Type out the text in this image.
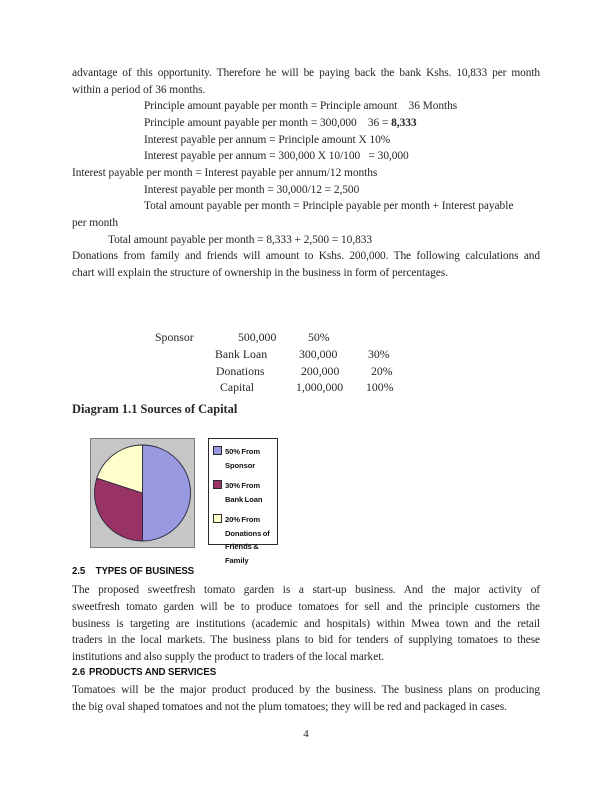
advantage of this opportunity. Therefore he will be paying back the bank Kshs. 10,833 per month
within a period of 36 months.
Principle amount payable per month = Principle amount    36 Months
Principle amount payable per month = 300,000    36 = 8,333
Interest payable per annum = Principle amount X 10%
Interest payable per annum = 300,000 X 10/100   = 30,000
Interest payable per month = Interest payable per annum/12 months
Interest payable per month = 30,000/12 = 2,500
Total amount payable per month = Principle payable per month + Interest payable
per month
Total amount payable per month = 8,333 + 2,500 = 10,833
Donations from family and friends will amount to Kshs. 200,000. The following calculations and
chart will explain the structure of ownership in the business in form of percentages.
Sponsor	500,000	50%
Bank Loan	300,000	30%
Donations	200,000	20%
Capital	1,000,000 100%
Diagram 1.1 Sources of Capital
50% From Sponsor
30% From Bank Loan
20% From Donations of Friends & Family
2.5 TYPES OF BUSINESS
The proposed sweetfresh tomato garden is a start-up business. And the major activity of
sweetfresh tomato garden will be to produce tomatoes for sell and the principle customers the
business is targeting are institutions (academic and hospitals) within Mwea town and the retail
traders in the local markets. The business plans to bid for tenders of supplying tomatoes to these
institutions and also supply the product to traders of the local market.
2.6 PRODUCTS AND SERVICES
Tomatoes will be the major product produced by the business. The business plans on producing
the big oval shaped tomatoes and not the plum tomatoes; they will be red and packaged in cases.
4
